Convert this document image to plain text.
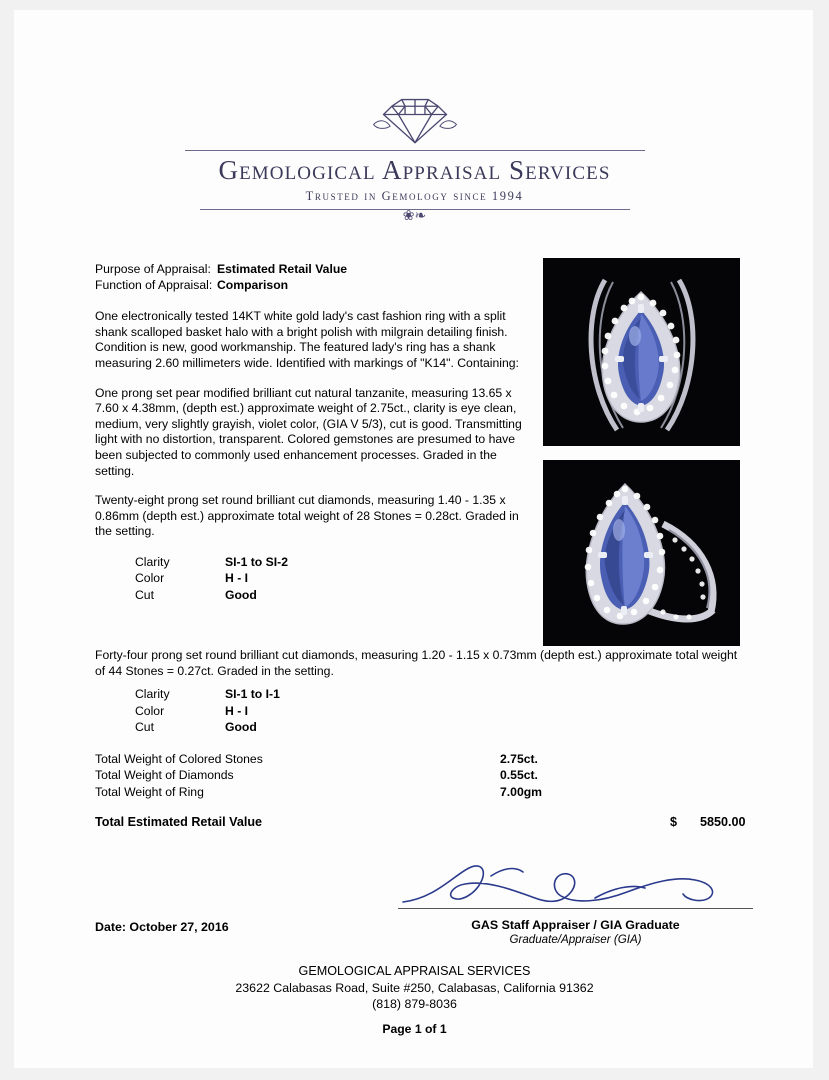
Gemological Appraisal Services
Trusted in Gemology since 1994
❀❧
Purpose of Appraisal: Estimated Retail Value
Function of Appraisal: Comparison
One electronically tested 14KT white gold lady's cast fashion ring with a split shank scalloped basket halo with a bright polish with milgrain detailing finish. Condition is new, good workmanship. The featured lady's ring has a shank measuring 2.60 millimeters wide. Identified with markings of "K14". Containing:
One prong set pear modified brilliant cut natural tanzanite, measuring 13.65 x 7.60 x 4.38mm, (depth est.) approximate weight of 2.75ct., clarity is eye clean, medium, very slightly grayish, violet color, (GIA V 5/3), cut is good. Transmitting light with no distortion, transparent. Colored gemstones are presumed to have been subjected to commonly used enhancement processes. Graded in the setting.
Twenty-eight prong set round brilliant cut diamonds, measuring 1.40 - 1.35 x 0.86mm (depth est.) approximate total weight of 28 Stones = 0.28ct. Graded in the setting.
Clarity	SI-1 to SI-2
Color	H - I
Cut	Good
Forty-four prong set round brilliant cut diamonds, measuring 1.20 - 1.15 x 0.73mm (depth est.) approximate total weight of 44 Stones = 0.27ct. Graded in the setting.
Clarity	SI-1 to I-1
Color	H - I
Cut	Good
Total Weight of Colored Stones	2.75ct.
Total Weight of Diamonds	0.55ct.
Total Weight of Ring	7.00gm
Total Estimated Retail Value	$	5850.00
Date: October 27, 2016	GAS Staff Appraiser / GIA Graduate
Graduate/Appraiser (GIA)
GEMOLOGICAL APPRAISAL SERVICES
23622 Calabasas Road, Suite #250, Calabasas, California 91362
(818) 879-8036
Page 1 of 1
